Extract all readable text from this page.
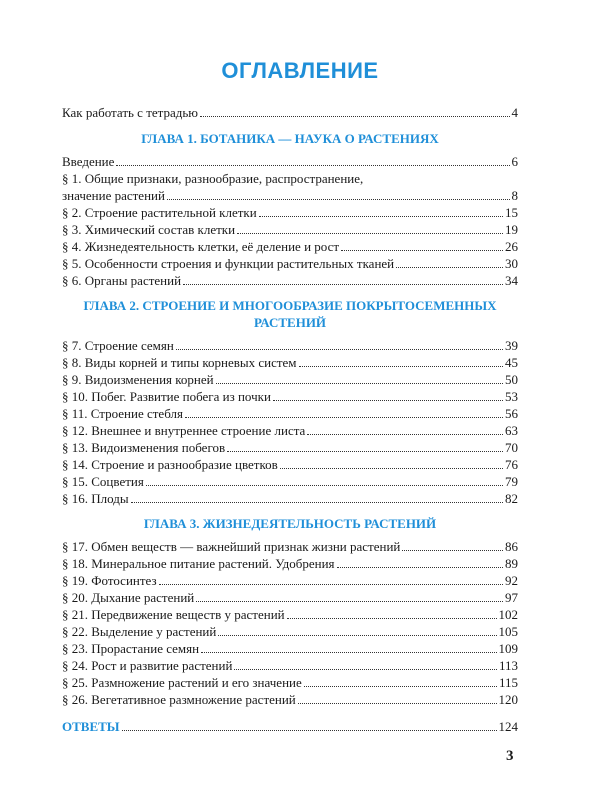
ОГЛАВЛЕНИЕ
Как работать с тетрадью	4
ГЛАВА 1. БОТАНИКА — НАУКА О РАСТЕНИЯХ
Введение	6
§ 1. Общие признаки, разнообразие, распространение,
значение растений	8
§ 2. Строение растительной клетки	15
§ 3. Химический состав клетки	19
§ 4. Жизнедеятельность клетки, её деление и рост	26
§ 5. Особенности строения и функции растительных тканей	30
§ 6. Органы растений	34
ГЛАВА 2. СТРОЕНИЕ И МНОГООБРАЗИЕ ПОКРЫТОСЕМЕННЫХ
РАСТЕНИЙ
§ 7. Строение семян	39
§ 8. Виды корней и типы корневых систем	45
§ 9. Видоизменения корней	50
§ 10. Побег. Развитие побега из почки	53
§ 11. Строение стебля	56
§ 12. Внешнее и внутреннее строение листа	63
§ 13. Видоизменения побегов	70
§ 14. Строение и разнообразие цветков	76
§ 15. Соцветия	79
§ 16. Плоды	82
ГЛАВА 3. ЖИЗНЕДЕЯТЕЛЬНОСТЬ РАСТЕНИЙ
§ 17. Обмен веществ — важнейший признак жизни растений	86
§ 18. Минеральное питание растений. Удобрения	89
§ 19. Фотосинтез	92
§ 20. Дыхание растений	97
§ 21. Передвижение веществ у растений	102
§ 22. Выделение у растений	105
§ 23. Прорастание семян	109
§ 24. Рост и развитие растений	113
§ 25. Размножение растений и его значение	115
§ 26. Вегетативное размножение растений	120
ОТВЕТЫ	124
3
